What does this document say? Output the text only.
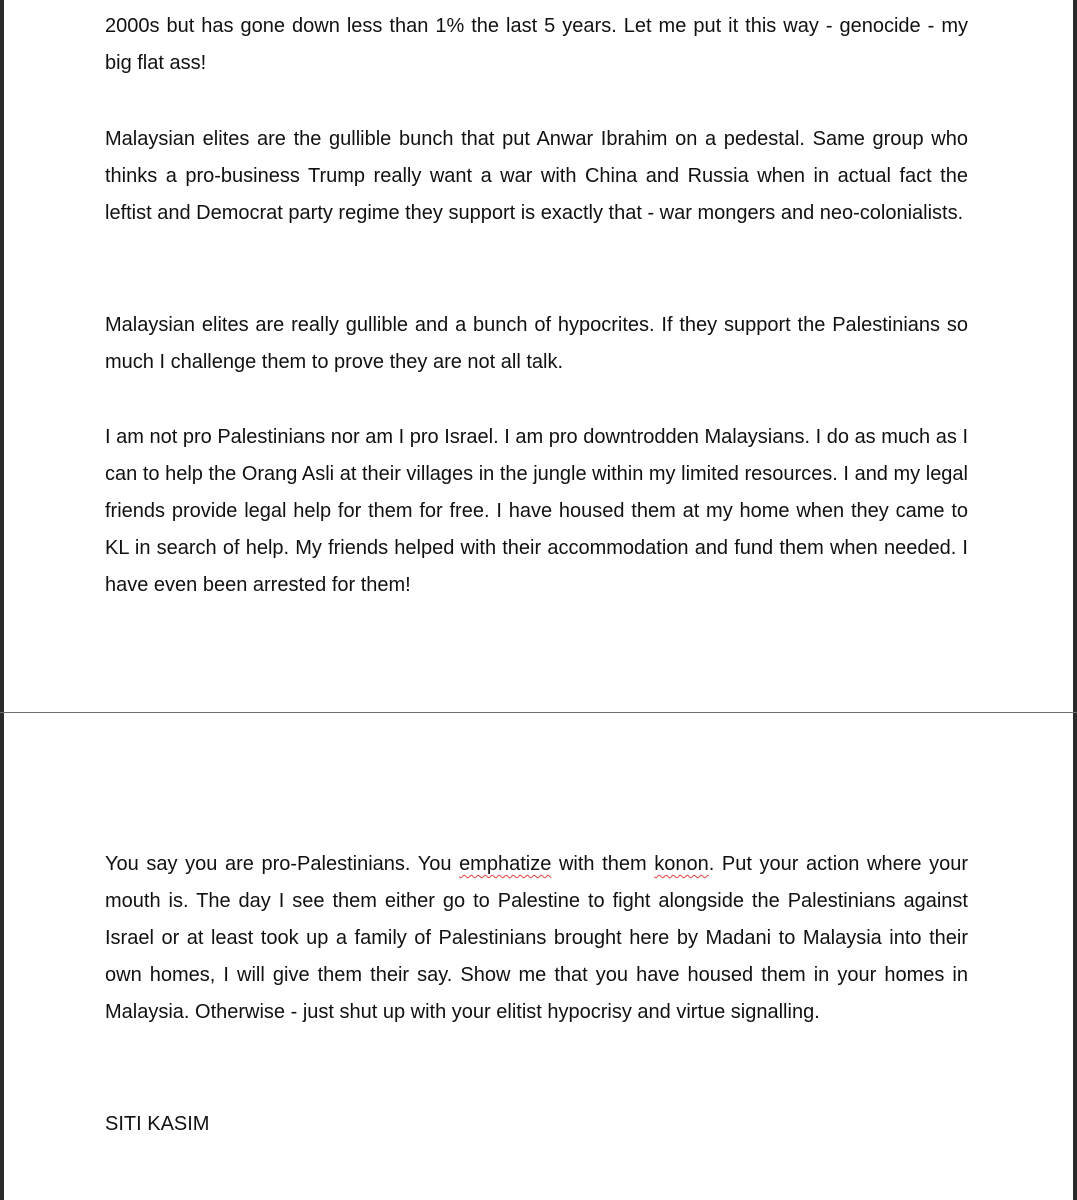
2000s but has gone down less than 1% the last 5 years. Let me put it this way - genocide - my big flat ass!

Malaysian elites are the gullible bunch that put Anwar Ibrahim on a pedestal. Same group who thinks a pro-business Trump really want a war with China and Russia when in actual fact the leftist and Democrat party regime they support is exactly that - war mongers and neo-colonialists.

Malaysian elites are really gullible and a bunch of hypocrites. If they support the Palestinians so much I challenge them to prove they are not all talk.

I am not pro Palestinians nor am I pro Israel. I am pro downtrodden Malaysians. I do as much as I can to help the Orang Asli at their villages in the jungle within my limited resources. I and my legal friends provide legal help for them for free. I have housed them at my home when they came to KL in search of help. My friends helped with their accommodation and fund them when needed. I have even been arrested for them!

You say you are pro-Palestinians. You emphatize with them konon. Put your action where your mouth is. The day I see them either go to Palestine to fight alongside the Palestinians against Israel or at least took up a family of Palestinians brought here by Madani to Malaysia into their own homes, I will give them their say. Show me that you have housed them in your homes in Malaysia. Otherwise - just shut up with your elitist hypocrisy and virtue signalling.

SITI KASIM
